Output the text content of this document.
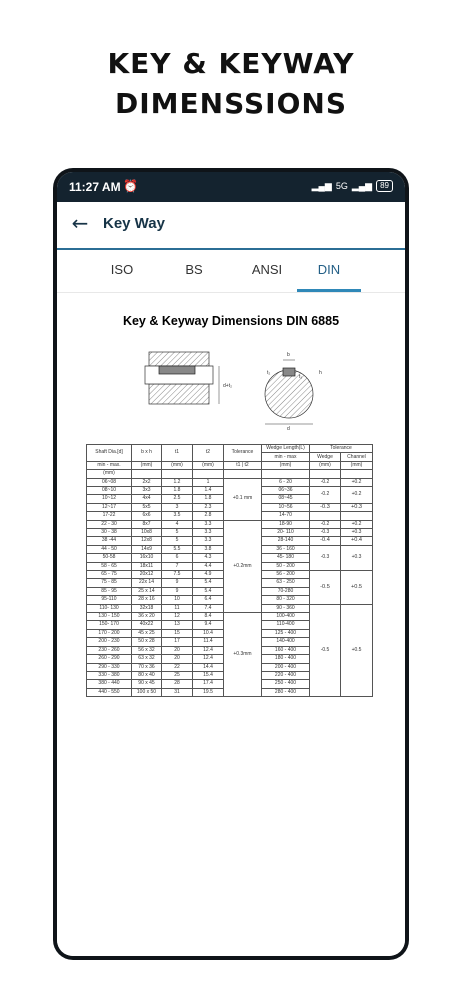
KEY & KEYWAY
DIMENSSIONS
11:27 AM ⏰	▂▄▆ 5G ▂▄▆	89
← Key Way
ISO	BS	ANSI	DIN
Key & Keyway Dimensions DIN 6885
d+t₂
b
t₂
t₁
h
d
Shaft Dia.[d]	b x h	t1	t2	Tolerance	Wedge Length(L)	Tolerance	
					min - max	Wedge	Channel
min - max.	(mm)	(mm)	(mm)	t1 | t2	(mm)	(mm)	(mm)
(mm)							
06~08	2x2	1.2	1	+0.1 mm	6 - 20	-0.2	+0.2
08~10	3x3	1.8	1.4		06~36	-0.2	+0.2
10~12	4x4	2.5	1.8		08~45		
12~17	5x5	3	2.3		10~56	-0.3	+0.3
17-22	6x6	3.5	2.8		14-70		
22 - 30	8x7	4	3.3	+0.2mm	18-90	-0.2	+0.2
30 - 38	10x8	5	3.3		20- 110	-0.3	+0.3
38 -44	12x8	5	3.3		28-140	-0.4	+0.4
44 - 50	14x9	5.5	3.8		36 - 160	-0.3	+0.3
50-58	16x10	6	4.3		45- 180		
58 - 65	18x11	7	4.4		50 - 200		
65 - 75	20x12	7.5	4.9		56 - 200	-0.5	+0.5
75 - 85	22x 14	9	5.4		63 - 250		
85 - 95	25 x 14	9	5.4		70-280		
95-110	28 x 16	10	6.4		80 - 320		
110- 130	32x18	11	7.4		90 - 360	-0.5	+0.5
130 - 150	36 x 20	12	8.4	+0.3mm	100-400		
150- 170	40x22	13	9.4		110-400		
170 - 200	45 x 25	15	10.4		125 - 400		
200 - 230	50 x 28	17	11.4		140-400		
230 - 260	56 x 32	20	12.4		160 - 400		
260 - 290	63 x 32	20	12.4		180 - 400		
290 - 330	70 x 36	22	14.4		200 - 400		
330 - 380	80 x 40	25	15.4		220 - 400		
380 - 440	90 x 45	28	17.4		250 - 400		
440 - 550	100 x 50	31	19.5		280 - 400		
